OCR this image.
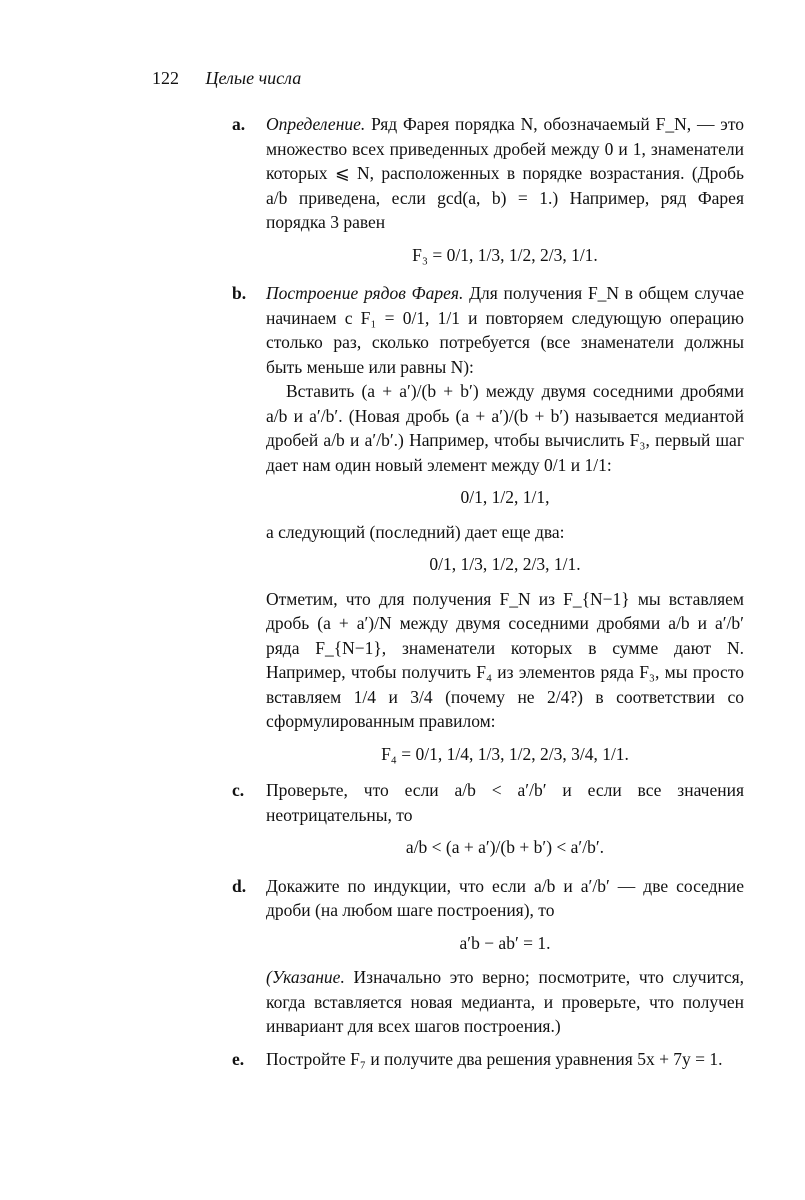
122 Целые числа
a. Определение. Ряд Фарея порядка N, обозначаемый F_N, — это множество всех приведенных дробей между 0 и 1, знаменатели которых ⩽ N, расположенных в порядке возрастания. (Дробь a/b приведена, если gcd(a, b) = 1.) Например, ряд Фарея порядка 3 равен

F₃ = 0/1, 1/3, 1/2, 2/3, 1/1.
b. Построение рядов Фарея. Для получения F_N в общем случае начинаем с F₁ = 0/1, 1/1 и повторяем следующую операцию столько раз, сколько потребуется (все знаменатели должны быть меньше или равны N):

Вставить (a + a′)/(b + b′) между двумя соседними дробями a/b и a′/b′. (Новая дробь (a + a′)/(b + b′) называется медиантой дробей a/b и a′/b′.) Например, чтобы вычислить F₃, первый шаг дает нам один новый элемент между 0/1 и 1/1:

0/1, 1/2, 1/1,

а следующий (последний) дает еще два:

0/1, 1/3, 1/2, 2/3, 1/1.

Отметим, что для получения F_N из F_{N−1} мы вставляем дробь (a + a′)/N между двумя соседними дробями a/b и a′/b′ ряда F_{N−1}, знаменатели которых в сумме дают N. Например, чтобы получить F₄ из элементов ряда F₃, мы просто вставляем 1/4 и 3/4 (почему не 2/4?) в соответствии со сформулированным правилом:

F₄ = 0/1, 1/4, 1/3, 1/2, 2/3, 3/4, 1/1.
c. Проверьте, что если a/b < a′/b′ и если все значения неотрицательны, то

a/b < (a + a′)/(b + b′) < a′/b′.
d. Докажите по индукции, что если a/b и a′/b′ — две соседние дроби (на любом шаге построения), то

a′b − ab′ = 1.

(Указание. Изначально это верно; посмотрите, что случится, когда вставляется новая медианта, и проверьте, что получен инвариант для всех шагов построения.)

e. Постройте F₇ и получите два решения уравнения 5x + 7y = 1.
